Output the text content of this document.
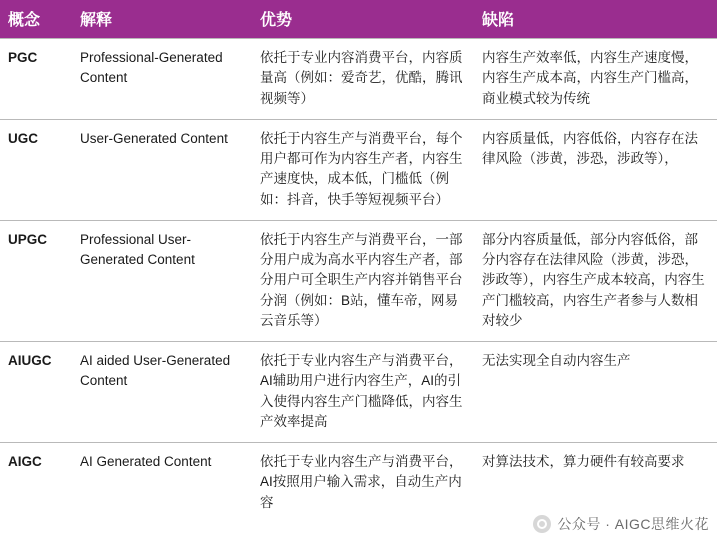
概念	解释	优势	缺陷
PGC	Professional-Generated Content	依托于专业内容消费平台，内容质量高（例如：爱奇艺，优酷，腾讯视频等）	内容生产效率低，内容生产速度慢，内容生产成本高，内容生产门槛高，商业模式较为传统
UGC	User-Generated Content	依托于内容生产与消费平台，每个用户都可作为内容生产者，内容生产速度快，成本低，门槛低（例如：抖音，快手等短视频平台）	内容质量低，内容低俗，内容存在法律风险（涉黄，涉恐，涉政等），
UPGC	Professional User-Generated Content	依托于内容生产与消费平台，一部分用户成为高水平内容生产者，部分用户可全职生产内容并销售平台分润（例如：B站，懂车帝，网易云音乐等）	部分内容质量低，部分内容低俗，部分内容存在法律风险（涉黄，涉恐，涉政等），内容生产成本较高，内容生产门槛较高，内容生产者参与人数相对较少
AIUGC	AI aided User-Generated Content	依托于专业内容生产与消费平台，AI辅助用户进行内容生产，AI的引入使得内容生产门槛降低，内容生产效率提高	无法实现全自动内容生产
AIGC	AI Generated Content	依托于专业内容生产与消费平台，AI按照用户输入需求，自动生产内容	对算法技术，算力硬件有较高要求
公众号 · AIGC思维火花
